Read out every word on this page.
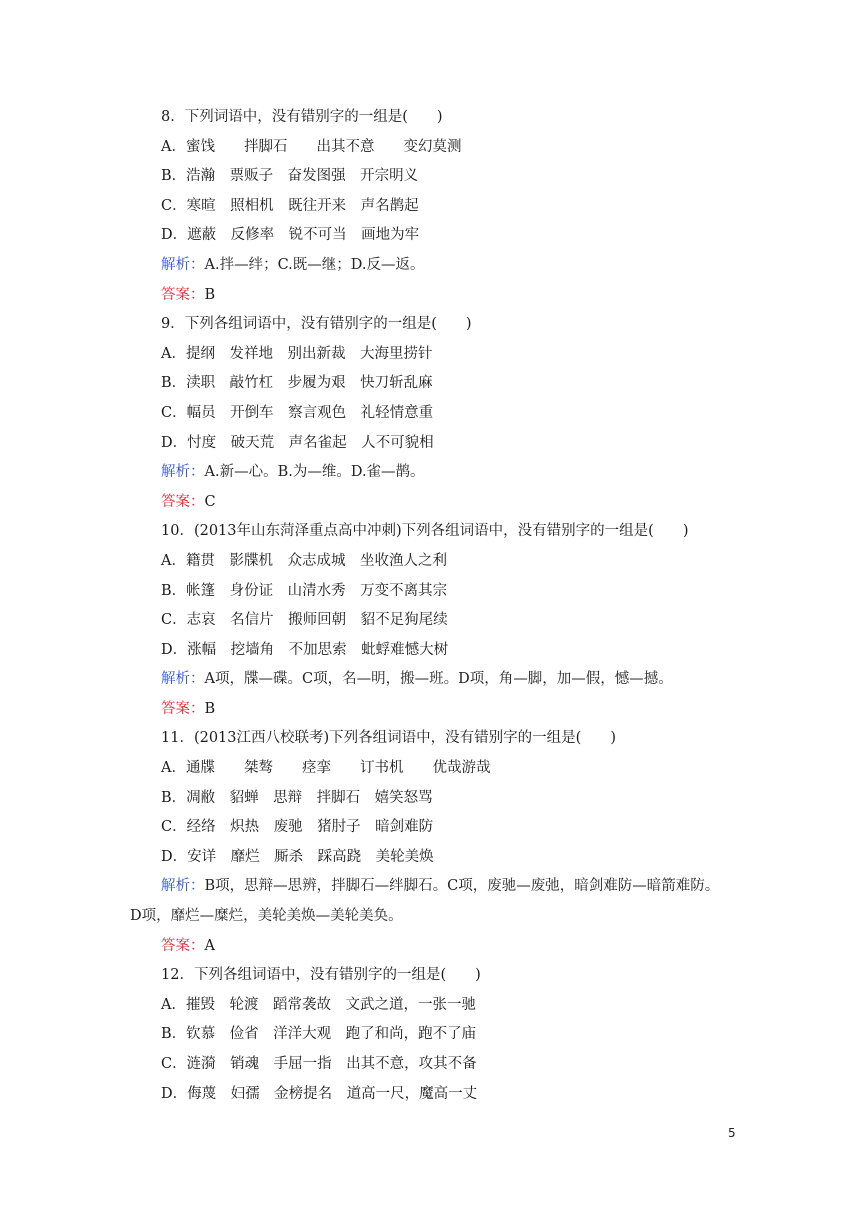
8．下列词语中，没有错别字的一组是(　　)
A．蜜饯　　拌脚石　　出其不意　　变幻莫测
B．浩瀚　票贩子　奋发图强　开宗明义
C．寒暄　照相机　既往开来　声名鹊起
D．遮蔽　反修率　锐不可当　画地为牢
解析：A.拌—绊；C.既—继；D.反—返。
答案：B
9．下列各组词语中，没有错别字的一组是(　　)
A．提纲　发祥地　别出新裁　大海里捞针
B．渎职　敲竹杠　步履为艰　快刀斩乱麻
C．幅员　开倒车　察言观色　礼轻情意重
D．忖度　破天荒　声名雀起　人不可貌相
解析：A.新—心。B.为—维。D.雀—鹊。
答案：C
10．(2013年山东菏泽重点高中冲刺)下列各组词语中，没有错别字的一组是(　　)
A．籍贯　影牒机　众志成城　坐收渔人之利
B．帐篷　身份证　山清水秀　万变不离其宗
C．志哀　名信片　搬师回朝　貂不足狗尾续
D．涨幅　挖墙角　不加思索　蚍蜉难憾大树
解析：A项，牒—碟。C项，名—明，搬—班。D项，角—脚，加—假，憾—撼。
答案：B
11．(2013江西八校联考)下列各组词语中，没有错别字的一组是(　　)
A．通牒　　桀骜　　痉挛　　订书机　　优哉游哉
B．凋敝　貂蝉　思辩　拌脚石　嬉笑怒骂
C．经络　炽热　废驰　猪肘子　暗剑难防
D．安详　靡烂　厮杀　踩高跷　美轮美焕
解析：B项，思辩—思辨，拌脚石—绊脚石。C项，废驰—废弛，暗剑难防—暗箭难防。
D项，靡烂—糜烂，美轮美焕—美轮美奂。
答案：A
12．下列各组词语中，没有错别字的一组是(　　)
A．摧毁　轮渡　蹈常袭故　文武之道，一张一驰
B．钦慕　俭省　洋洋大观　跑了和尚，跑不了庙
C．涟漪　销魂　手屈一指　出其不意，攻其不备
D．侮蔑　妇孺　金榜提名　道高一尺，魔高一丈
5
